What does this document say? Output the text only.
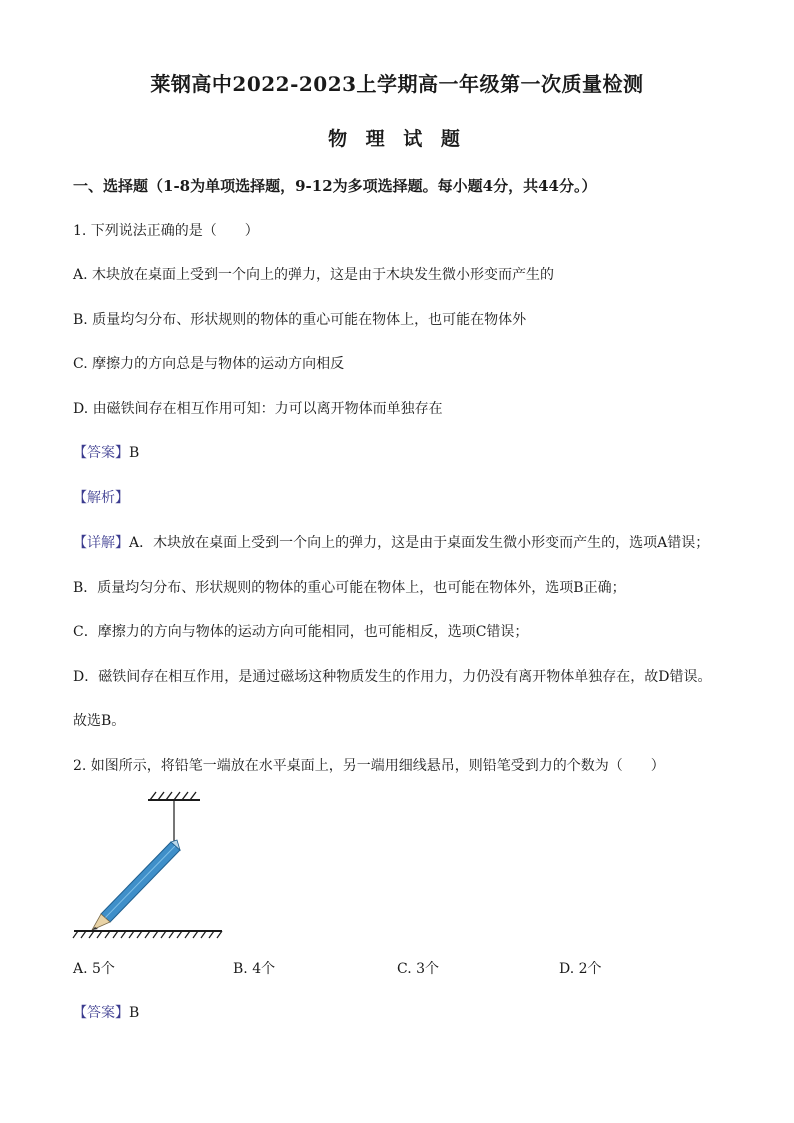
莱钢高中2022-2023上学期高一年级第一次质量检测
物 理 试 题
一、选择题（1-8为单项选择题，9-12为多项选择题。每小题4分，共44分。）
1. 下列说法正确的是（　　）
A. 木块放在桌面上受到一个向上的弹力，这是由于木块发生微小形变而产生的
B. 质量均匀分布、形状规则的物体的重心可能在物体上，也可能在物体外
C. 摩擦力的方向总是与物体的运动方向相反
D. 由磁铁间存在相互作用可知：力可以离开物体而单独存在
【答案】B
【解析】
【详解】A．木块放在桌面上受到一个向上的弹力，这是由于桌面发生微小形变而产生的，选项A错误；
B．质量均匀分布、形状规则的物体的重心可能在物体上，也可能在物体外，选项B正确；
C．摩擦力的方向与物体的运动方向可能相同，也可能相反，选项C错误；
D．磁铁间存在相互作用，是通过磁场这种物质发生的作用力，力仍没有离开物体单独存在，故D错误。
故选B。
2. 如图所示，将铅笔一端放在水平桌面上，另一端用细线悬吊，则铅笔受到力的个数为（　　）
A. 5个	B. 4个	C. 3个	D. 2个
【答案】B
